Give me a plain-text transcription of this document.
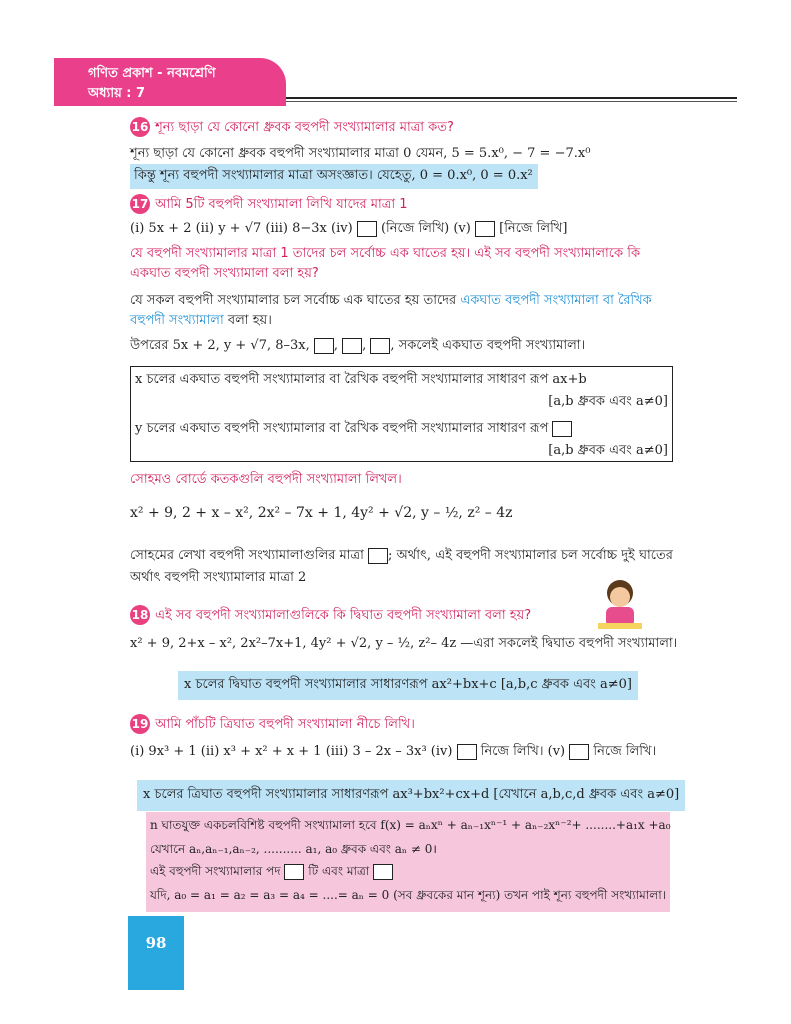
গণিত প্রকাশ - নবমশ্রেণি
অধ্যায় : 7
16 শূন্য ছাড়া যে কোনো ধ্রুবক বহুপদী সংখ্যামালার মাত্রা কত?
শূন্য ছাড়া যে কোনো ধ্রুবক বহুপদী সংখ্যামালার মাত্রা 0 যেমন, 5 = 5.x⁰, − 7 = −7.x⁰
কিন্তু শূন্য বহুপদী সংখ্যামালার মাত্রা অসংজ্ঞাত। যেহেতু, 0 = 0.x⁰, 0 = 0.x²
17 আমি 5টি বহুপদী সংখ্যামালা লিখি যাদের মাত্রা 1
(i) 5x + 2 (ii) y + √7 (iii) 8−3x (iv) (নিজে লিখি) (v) [নিজে লিখি]
যে বহুপদী সংখ্যামালার মাত্রা 1 তাদের চল সর্বোচ্চ এক ঘাতের হয়। এই সব বহুপদী সংখ্যামালাকে কি একঘাত বহুপদী সংখ্যামালা বলা হয়?
যে সকল বহুপদী সংখ্যামালার চল সর্বোচ্চ এক ঘাতের হয় তাদের একঘাত বহুপদী সংখ্যামালা বা রৈখিক বহুপদী সংখ্যামালা বলা হয়।
উপরের 5x + 2, y + √7, 8–3x, , , , সকলেই একঘাত বহুপদী সংখ্যামালা।
x চলের একঘাত বহুপদী সংখ্যামালার বা রৈখিক বহুপদী সংখ্যামালার সাধারণ রূপ ax+b
[a,b ধ্রুবক এবং a≠0]
y চলের একঘাত বহুপদী সংখ্যামালার বা রৈখিক বহুপদী সংখ্যামালার সাধারণ রূপ
[a,b ধ্রুবক এবং a≠0]
সোহমও বোর্ডে কতকগুলি বহুপদী সংখ্যামালা লিখল।
x² + 9, 2 + x – x², 2x² – 7x + 1, 4y² + √2, y – ½, z² – 4z
সোহমের লেখা বহুপদী সংখ্যামালাগুলির মাত্রা ; অর্থাৎ, এই বহুপদী সংখ্যামালার চল সর্বোচ্চ দুই ঘাতের
অর্থাৎ বহুপদী সংখ্যামালার মাত্রা 2
18 এই সব বহুপদী সংখ্যামালাগুলিকে কি দ্বিঘাত বহুপদী সংখ্যামালা বলা হয়?
x² + 9, 2+x – x², 2x²–7x+1, 4y² + √2, y – ½, z²– 4z —এরা সকলেই দ্বিঘাত বহুপদী সংখ্যামালা।
x চলের দ্বিঘাত বহুপদী সংখ্যামালার সাধারণরূপ ax²+bx+c [a,b,c ধ্রুবক এবং a≠0]
19 আমি পাঁচটি ত্রিঘাত বহুপদী সংখ্যামালা নীচে লিখি।
(i) 9x³ + 1 (ii) x³ + x² + x + 1 (iii) 3 – 2x – 3x³ (iv) নিজে লিখি। (v) নিজে লিখি।
x চলের ত্রিঘাত বহুপদী সংখ্যামালার সাধারণরূপ ax³+bx²+cx+d [যেখানে a,b,c,d ধ্রুবক এবং a≠0]
n ঘাতযুক্ত একচলবিশিষ্ট বহুপদী সংখ্যামালা হবে f(x) = aₙxⁿ + aₙ₋₁xⁿ⁻¹ + aₙ₋₂xⁿ⁻²+ ........+a₁x +a₀
যেখানে aₙ,aₙ₋₁,aₙ₋₂, .......... a₁, a₀ ধ্রুবক এবং aₙ ≠ 0।
এই বহুপদী সংখ্যামালার পদ টি এবং মাত্রা
যদি, a₀ = a₁ = a₂ = a₃ = a₄ = ....= aₙ = 0 (সব ধ্রুবকের মান শূন্য) তখন পাই শূন্য বহুপদী সংখ্যামালা।
98
